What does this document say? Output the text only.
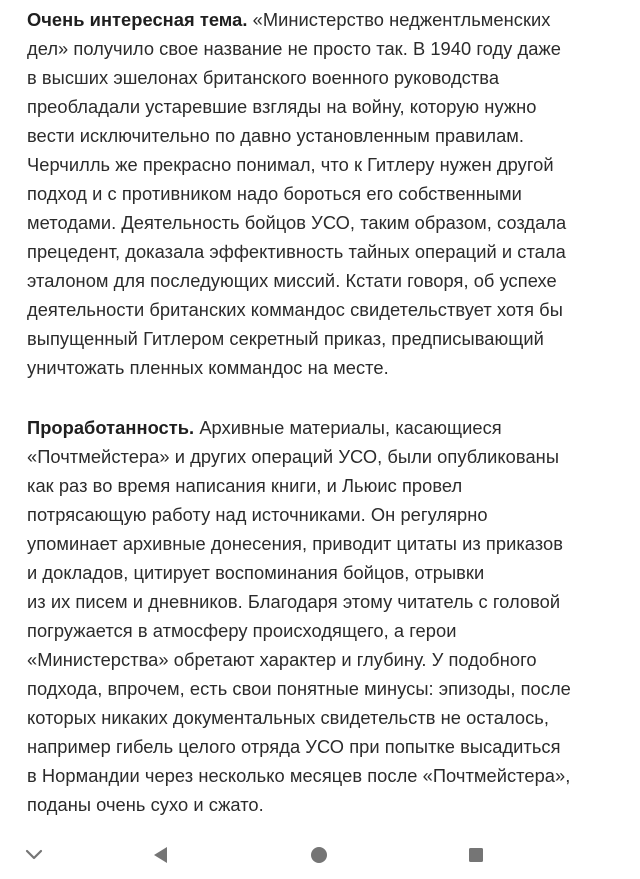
Очень интересная тема. «Министерство неджентльменских
дел» получило свое название не просто так. В 1940 году даже
в высших эшелонах британского военного руководства
преобладали устаревшие взгляды на войну, которую нужно
вести исключительно по давно установленным правилам.
Черчилль же прекрасно понимал, что к Гитлеру нужен другой
подход и с противником надо бороться его собственными
методами. Деятельность бойцов УСО, таким образом, создала
прецедент, доказала эффективность тайных операций и стала
эталоном для последующих миссий. Кстати говоря, об успехе
деятельности британских коммандос свидетельствует хотя бы
выпущенный Гитлером секретный приказ, предписывающий
уничтожать пленных коммандос на месте.

Проработанность. Архивные материалы, касающиеся
«Почтмейстера» и других операций УСО, были опубликованы
как раз во время написания книги, и Льюис провел
потрясающую работу над источниками. Он регулярно
упоминает архивные донесения, приводит цитаты из приказов
и докладов, цитирует воспоминания бойцов, отрывки
из их писем и дневников. Благодаря этому читатель с головой
погружается в атмосферу происходящего, а герои
«Министерства» обретают характер и глубину. У подобного
подхода, впрочем, есть свои понятные минусы: эпизоды, после
которых никаких документальных свидетельств не осталось,
например гибель целого отряда УСО при попытке высадиться
в Нормандии через несколько месяцев после «Почтмейстера»,
поданы очень сухо и сжато.
